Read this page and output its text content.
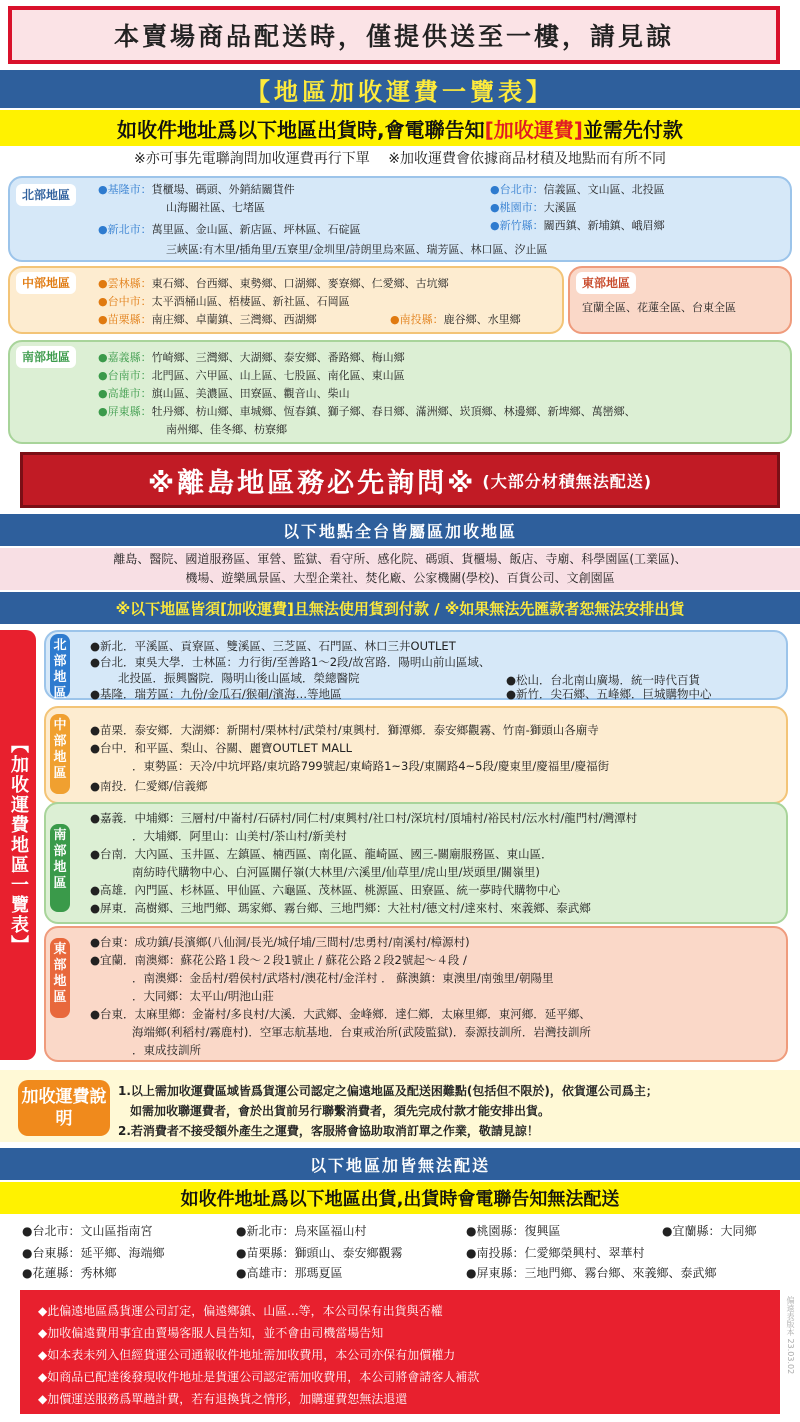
本賣場商品配送時，僅提供送至一樓，請見諒
【 地區加收運費一覽表 】
如收件地址爲以下地區出貨時,會電聯告知 [加收運費] 並需先付款
※亦可事先電聯詢問加收運費再行下單　 ※加收運費會依據商品材積及地點而有所不同
北部地區	●基隆市：貨櫃場、碼頭、外銷結關貨件
山海關社區、七堵區
●新北市：萬里區、金山區、新店區、坪林區、石碇區
三峽區:有木里/插角里/五寮里/金圳里/詩朗里烏來區、瑞芳區、林口區、汐止區
●台北市：信義區、文山區、北投區
●桃園市：大溪區
●新竹縣：關西鎮、新埔鎮、峨眉鄉
中部地區	●雲林縣：東石鄉、台西鄉、東勢鄉、口湖鄉、麥寮鄉、仁愛鄉、古坑鄉
●台中市：太平酒桶山區、梧棲區、新社區、石岡區
●苗栗縣：南庄鄉、卓蘭鎮、三灣鄉、西湖鄉	●南投縣：鹿谷鄉、水里鄉
東部地區
宜蘭全區、花蓮全區、台東全區
南部地區	●嘉義縣：竹崎鄉、三灣鄉、大湖鄉、泰安鄉、番路鄉、梅山鄉
●台南市：北門區、六甲區、山上區、七股區、南化區、東山區
●高雄市：旗山區、美濃區、田寮區、觀音山、柴山
●屏東縣：牡丹鄉、枋山鄉、車城鄉、恆春鎮、獅子鄉、春日鄉、滿洲鄉、崁頂鄉、林邊鄉、新埤鄉、萬巒鄉、
南州鄉、佳冬鄉、枋寮鄉
※離島地區務必先詢問※ (大部分材積無法配送)
以下地點全台皆屬區加收地區
離島、醫院、國道服務區、軍營、監獄、看守所、感化院、碼頭、貨櫃場、飯店、寺廟、科學園區(工業區)、
機場、遊樂風景區、大型企業社、焚化廠、公家機關(學校)、百貨公司、文創園區
※以下地區皆須[加收運費]且無法使用貨到付款 / ※如果無法先匯款者恕無法安排出貨
【加收運費地區一覽表】
北部地區
●新北．平溪區、貢寮區、雙溪區、三芝區、石門區、林口三井OUTLET
●台北．東吳大學．士林區：力行街/至善路1～2段/故宮路．陽明山前山區域、
北投區．振興醫院．陽明山後山區域．榮總醫院
●基隆．瑞芳區：九份/金瓜石/猴硐/濱海…等地區
●松山．台北南山廣場．統一時代百貨
●新竹．尖石鄉、五峰鄉．巨城購物中心
中部地區
●苗栗．泰安鄉．大湖鄉：新開村/栗林村/武榮村/東興村．獅潭鄉．泰安鄉觀霧、竹南-獅頭山各廟寺
●台中．和平區、梨山、谷關、麗寶OUTLET MALL
．東勢區：天冷/中坑坪路/東坑路799號起/東崎路1~3段/東關路4~5段/慶東里/慶福里/慶福街
●南投．仁愛鄉/信義鄉
南部地區
●嘉義．中埔鄉：三層村/中崙村/石硦村/同仁村/東興村/社口村/深坑村/頂埔村/裕民村/沄水村/龍門村/灣潭村
．大埔鄉．阿里山：山美村/茶山村/新美村
●台南．大內區、玉井區、左鎮區、楠西區、南化區、龍崎區、國三-關廟服務區、東山區．
南紡時代購物中心、白河區關仔嶺(大林里/六溪里/仙草里/虎山里/崁頭里/關嶺里)
●高雄．內門區、杉林區、甲仙區、六龜區、茂林區、桃源區、田寮區、統一夢時代購物中心
●屏東．高樹鄉、三地門鄉、瑪家鄉、霧台鄉、三地門鄉：大社村/德文村/達來村、來義鄉、泰武鄉
東部地區
●台東：成功鎮/長濱鄉(八仙洞/長光/城仔埔/三間村/忠勇村/南溪村/樟源村)
●宜蘭．南澳鄉：蘇花公路１段～２段1號止 / 蘇花公路２段2號起～４段 /
．南澳鄉：金岳村/碧侯村/武塔村/澳花村/金洋村 ． 蘇澳鎮：東澳里/南強里/朝陽里
．大同鄉：太平山/明池山莊
●台東．太麻里鄉：金崙村/多良村/大溪．大武鄉、金峰鄉．達仁鄉．太麻里鄉．東河鄉．延平鄉、
海端鄉(利稻村/霧鹿村)．空軍志航基地．台東戒治所(武陵監獄)．泰源技訓所．岩灣技訓所
．東成技訓所
加收運費說明
1.以上需加收運費區域皆爲貨運公司認定之偏遠地區及配送困難點(包括但不限於)，依貨運公司爲主；
如需加收聯運費者，會於出貨前另行聯繫消費者，須先完成付款才能安排出貨。
2.若消費者不接受額外產生之運費，客服將會協助取消訂單之作業，敬請見諒！
以下地區加皆無法配送
如收件地址爲以下地區出貨,出貨時會電聯告知無法配送
●台北市：文山區指南宮	●新北市：烏來區福山村	●桃園縣：復興區	●宜蘭縣：大同鄉
●台東縣：延平鄉、海端鄉	●苗栗縣：獅頭山、泰安鄉觀霧	●南投縣：仁愛鄉榮興村、翠華村
●花蓮縣：秀林鄉	●高雄市：那瑪夏區	●屏東縣：三地門鄉、霧台鄉、來義鄉、泰武鄉
◆此偏遠地區爲貨運公司訂定，偏遠鄉鎮、山區...等，本公司保有出貨與否權
◆加收偏遠費用事宜由賣場客服人員告知，並不會由司機當場告知
◆如本表未列入但經貨運公司通報收件地址需加收費用，本公司亦保有加價權力
◆如商品已配達後發現收件地址是貨運公司認定需加收費用，本公司將會請客人補款
◆加價運送服務爲單趟計費，若有退換貨之情形，加購運費恕無法退還
偏遠表版本 23.03.02
